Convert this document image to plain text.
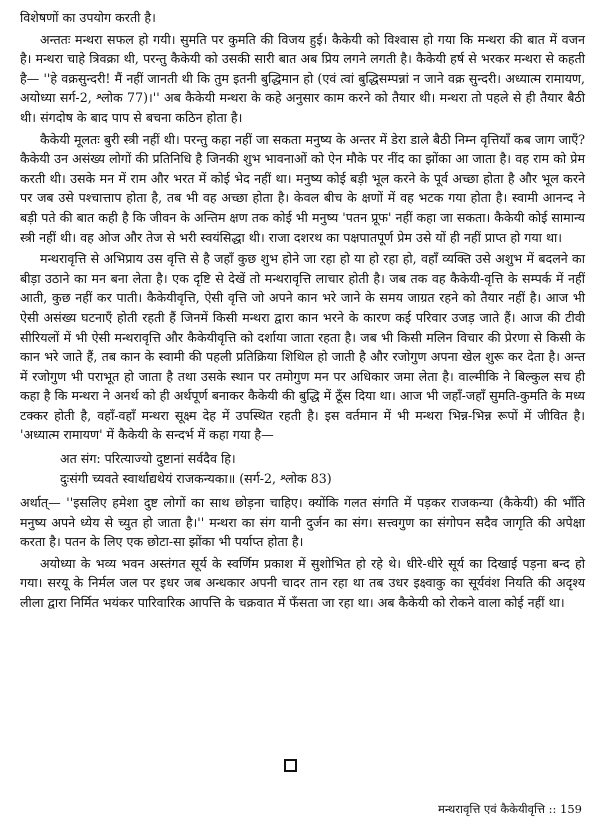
विशेषणों का उपयोग करती है।

अन्ततः मन्थरा सफल हो गयी। सुमति पर कुमति की विजय हुई। कैकेयी को विश्वास हो गया कि मन्थरा की बात में वजन है। मन्थरा चाहे त्रिवक्रा थी, परन्तु कैकेयी को उसकी सारी बात अब प्रिय लगने लगती है। कैकेयी हर्ष से भरकर मन्थरा से कहती है— ''हे वक्रसुन्दरी! मैं नहीं जानती थी कि तुम इतनी बुद्धिमान हो (एवं त्वां बुद्धिसम्पन्नां न जाने वक्र सुन्दरी। अध्यात्म रामायण, अयोध्या सर्ग-2, श्लोक 77)।'' अब कैकेयी मन्थरा के कहे अनुसार काम करने को तैयार थी। मन्थरा तो पहले से ही तैयार बैठी थी। संगदोष के बाद पाप से बचना कठिन होता है।

कैकेयी मूलतः बुरी स्त्री नहीं थी। परन्तु कहा नहीं जा सकता मनुष्य के अन्तर में डेरा डाले बैठी निम्न वृत्तियाँ कब जाग जाएँ? कैकेयी उन असंख्य लोगों की प्रतिनिधि है जिनकी शुभ भावनाओं को ऐन मौके पर नींद का झोंका आ जाता है। वह राम को प्रेम करती थी। उसके मन में राम और भरत में कोई भेद नहीं था। मनुष्य कोई बड़ी भूल करने के पूर्व अच्छा होता है और भूल करने पर जब उसे पश्चात्ताप होता है, तब भी वह अच्छा होता है। केवल बीच के क्षणों में वह भटक गया होता है। स्वामी आनन्द ने बड़ी पते की बात कही है कि जीवन के अन्तिम क्षण तक कोई भी मनुष्य 'पतन प्रूफ' नहीं कहा जा सकता। कैकेयी कोई सामान्य स्त्री नहीं थी। वह ओज और तेज से भरी स्वयंसिद्धा थी। राजा दशरथ का पक्षपातपूर्ण प्रेम उसे यों ही नहीं प्राप्त हो गया था।

मन्थरावृत्ति से अभिप्राय उस वृत्ति से है जहाँ कुछ शुभ होने जा रहा हो या हो रहा हो, वहाँ व्यक्ति उसे अशुभ में बदलने का बीड़ा उठाने का मन बना लेता है। एक दृष्टि से देखें तो मन्थरावृत्ति लाचार होती है। जब तक वह कैकेयी-वृत्ति के सम्पर्क में नहीं आती, कुछ नहीं कर पाती। कैकेयीवृत्ति, ऐसी वृत्ति जो अपने कान भरे जाने के समय जाग्रत रहने को तैयार नहीं है। आज भी ऐसी असंख्य घटनाएँ होती रहती हैं जिनमें किसी मन्थरा द्वारा कान भरने के कारण कई परिवार उजड़ जाते हैं। आज की टीवी सीरियलों में भी ऐसी मन्थरावृत्ति और कैकेयीवृत्ति को दर्शाया जाता रहता है। जब भी किसी मलिन विचार की प्रेरणा से किसी के कान भरे जाते हैं, तब कान के स्वामी की पहली प्रतिक्रिया शिथिल हो जाती है और रजोगुण अपना खेल शुरू कर देता है। अन्त में रजोगुण भी पराभूत हो जाता है तथा उसके स्थान पर तमोगुण मन पर अधिकार जमा लेता है। वाल्मीकि ने बिल्कुल सच ही कहा है कि मन्थरा ने अनर्थ को ही अर्थपूर्ण बनाकर कैकेयी की बुद्धि में ठूँस दिया था। आज भी जहाँ-जहाँ सुमति-कुमति के मध्य टक्कर होती है, वहाँ-वहाँ मन्थरा सूक्ष्म देह में उपस्थित रहती है। इस वर्तमान में भी मन्थरा भिन्न-भिन्न रूपों में जीवित है। 'अध्यात्म रामायण' में कैकेयी के सन्दर्भ में कहा गया है—

अत संग: परित्याज्यो दुष्टानां सर्वदैव हि।
दुःसंगी च्यवते स्वार्थाद्यथेयं राजकन्यका॥ (सर्ग-2, श्लोक 83)

अर्थात्— ''इसलिए हमेशा दुष्ट लोगों का साथ छोड़ना चाहिए। क्योंकि गलत संगति में पड़कर राजकन्या (कैकेयी) की भाँति मनुष्य अपने ध्येय से च्युत हो जाता है।'' मन्थरा का संग यानी दुर्जन का संग। सत्त्वगुण का संगोपन सदैव जागृति की अपेक्षा करता है। पतन के लिए एक छोटा-सा झोंका भी पर्याप्त होता है।

अयोध्या के भव्य भवन अस्तंगत सूर्य के स्वर्णिम प्रकाश में सुशोभित हो रहे थे। धीरे-धीरे सूर्य का दिखाई पड़ना बन्द हो गया। सरयू के निर्मल जल पर इधर जब अन्धकार अपनी चादर तान रहा था तब उधर इक्ष्वाकु का सूर्यवंश नियति की अदृश्य लीला द्वारा निर्मित भयंकर पारिवारिक आपत्ति के चक्रवात में फँसता जा रहा था। अब कैकेयी को रोकने वाला कोई नहीं था।

मन्थरावृत्ति एवं कैकेयीवृत्ति :: 159
